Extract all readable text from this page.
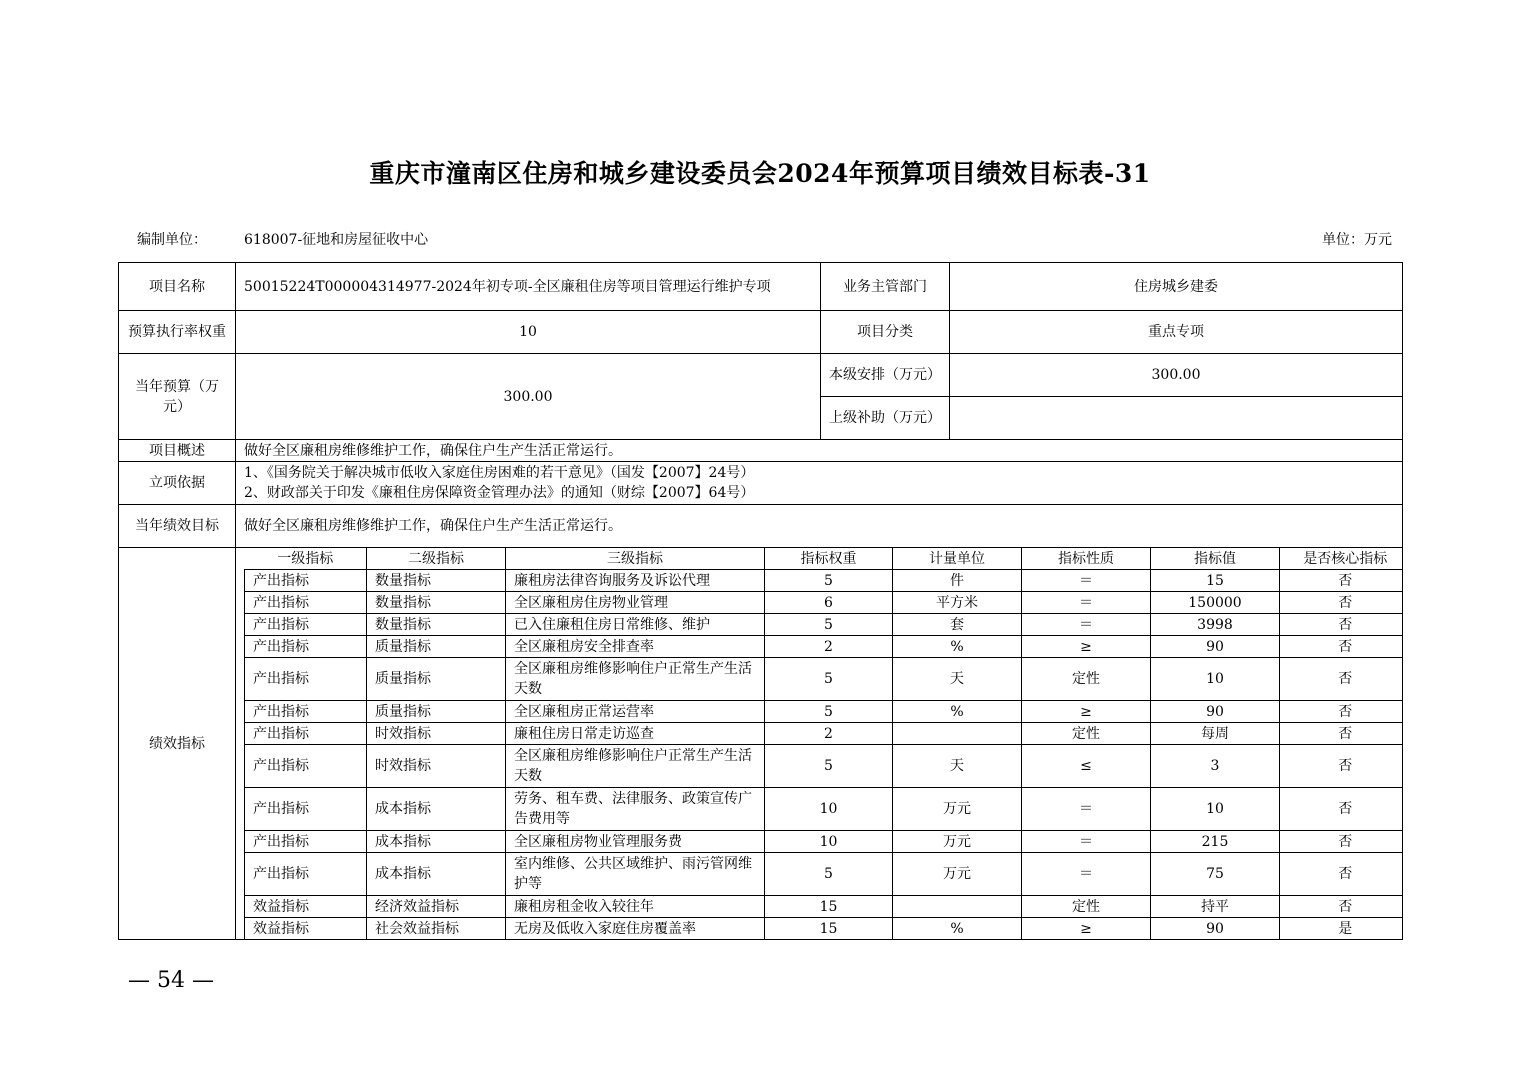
重庆市潼南区住房和城乡建设委员会2024年预算项目绩效目标表-31
编制单位：	618007-征地和房屋征收中心	单位：万元
项目名称	50015224T000004314977-2024年初专项-全区廉租住房等项目管理运行维护专项	业务主管部门	住房城乡建委
预算执行率权重	10	项目分类	重点专项
当年预算（万元）	300.00	本级安排（万元）	300.00
上级补助（万元）	
项目概述	做好全区廉租房维修维护工作，确保住户生产生活正常运行。
立项依据	
1、《国务院关于解决城市低收入家庭住房困难的若干意见》（国发【2007】24号）
2、财政部关于印发《廉租住房保障资金管理办法》的通知（财综【2007】64号）

当年绩效目标	做好全区廉租房维修维护工作，确保住户生产生活正常运行。
绩效指标	
一级指标	二级指标	三级指标	指标权重	计量单位	指标性质	指标值	是否核心指标
产出指标	数量指标	廉租房法律咨询服务及诉讼代理	5	件	＝	15	否
产出指标	数量指标	全区廉租房住房物业管理	6	平方米	＝	150000	否
产出指标	数量指标	已入住廉租住房日常维修、维护	5	套	＝	3998	否
产出指标	质量指标	全区廉租房安全排查率	2	%	≥	90	否
产出指标	质量指标	全区廉租房维修影响住户正常生产生活天数	5	天	定性	10	否
产出指标	质量指标	全区廉租房正常运营率	5	%	≥	90	否
产出指标	时效指标	廉租住房日常走访巡查	2		定性	每周	否
产出指标	时效指标	全区廉租房维修影响住户正常生产生活天数	5	天	≤	3	否
产出指标	成本指标	劳务、租车费、法律服务、政策宣传广告费用等	10	万元	＝	10	否
产出指标	成本指标	全区廉租房物业管理服务费	10	万元	＝	215	否
产出指标	成本指标	室内维修、公共区域维护、雨污管网维护等	5	万元	＝	75	否
效益指标	经济效益指标	廉租房租金收入较往年	15		定性	持平	否
效益指标	社会效益指标	无房及低收入家庭住房覆盖率	15	%	≥	90	是
— 54 —
